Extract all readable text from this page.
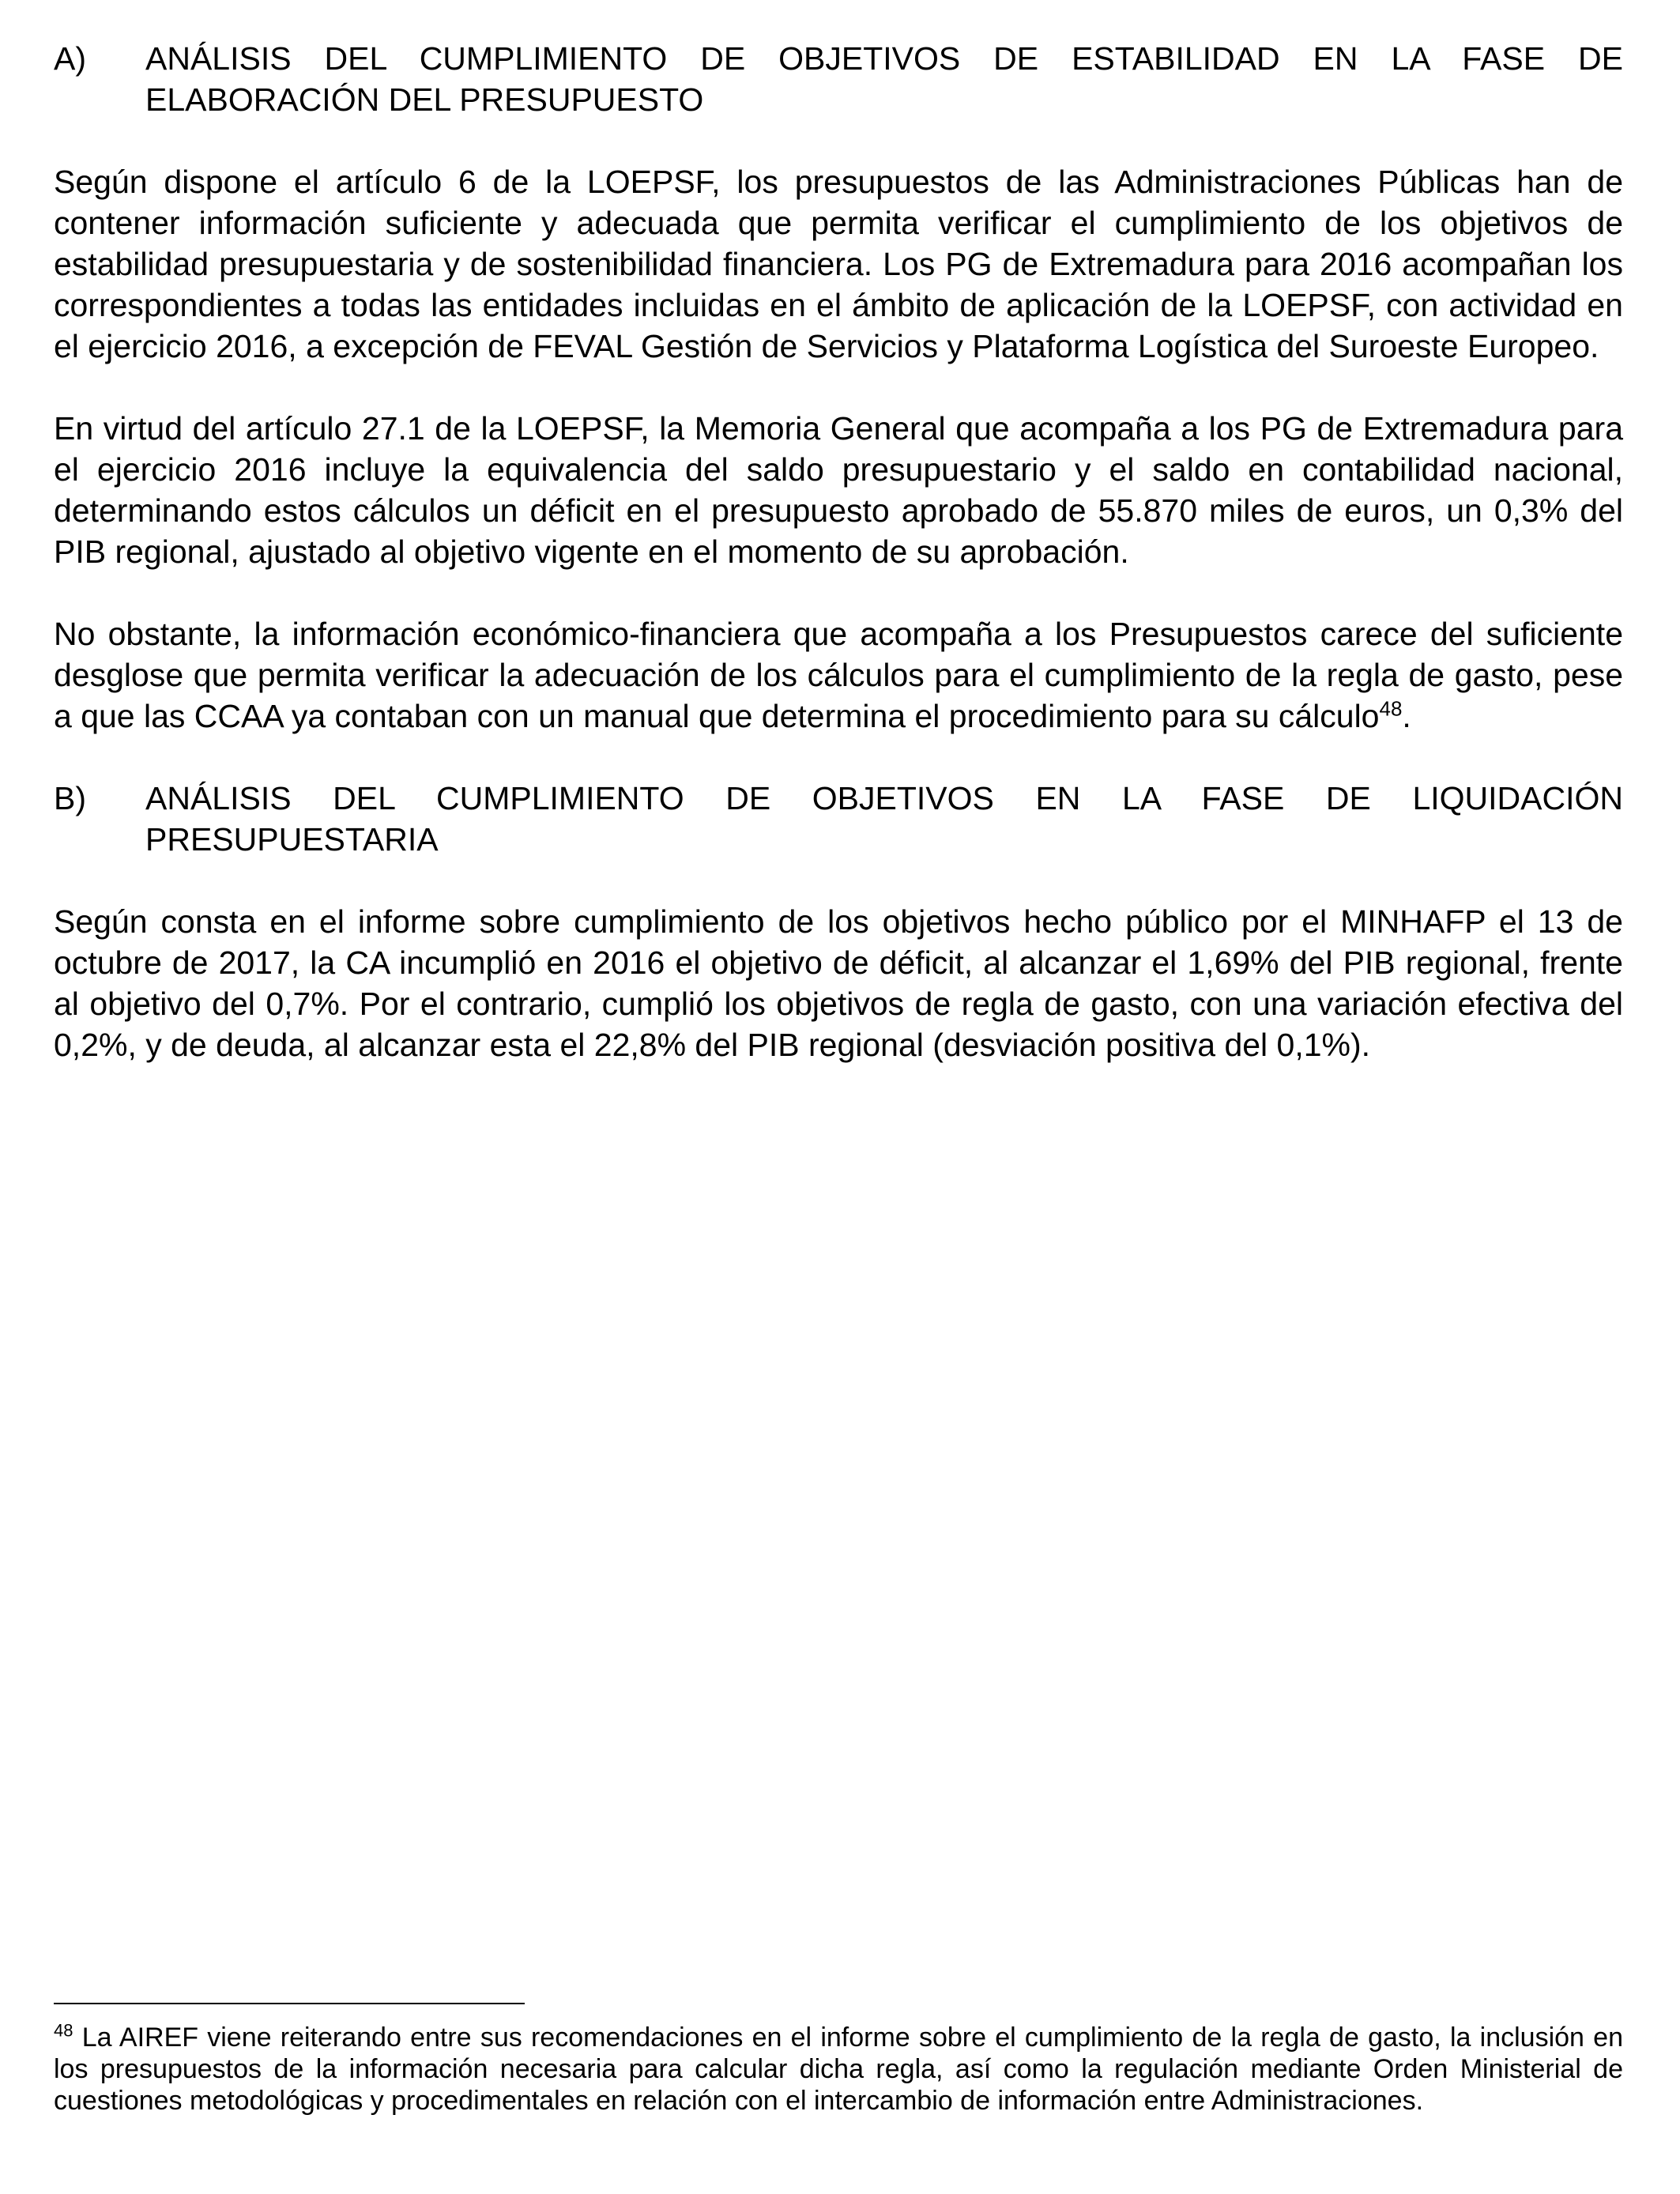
A)	ANÁLISIS DEL CUMPLIMIENTO DE OBJETIVOS DE ESTABILIDAD EN LA FASE DE ELABORACIÓN DEL PRESUPUESTO

Según dispone el artículo 6 de la LOEPSF, los presupuestos de las Administraciones Públicas han de contener información suficiente y adecuada que permita verificar el cumplimiento de los objetivos de estabilidad presupuestaria y de sostenibilidad financiera. Los PG de Extremadura para 2016 acompañan los correspondientes a todas las entidades incluidas en el ámbito de aplicación de la LOEPSF, con actividad en el ejercicio 2016, a excepción de FEVAL Gestión de Servicios y Plataforma Logística del Suroeste Europeo.

En virtud del artículo 27.1 de la LOEPSF, la Memoria General que acompaña a los PG de Extremadura para el ejercicio 2016 incluye la equivalencia del saldo presupuestario y el saldo en contabilidad nacional, determinando estos cálculos un déficit en el presupuesto aprobado de 55.870 miles de euros, un 0,3% del PIB regional, ajustado al objetivo vigente en el momento de su aprobación.

No obstante, la información económico-financiera que acompaña a los Presupuestos carece del suficiente desglose que permita verificar la adecuación de los cálculos para el cumplimiento de la regla de gasto, pese a que las CCAA ya contaban con un manual que determina el procedimiento para su cálculo$^{48}$.

B)	ANÁLISIS DEL CUMPLIMIENTO DE OBJETIVOS EN LA FASE DE LIQUIDACIÓN PRESUPUESTARIA

Según consta en el informe sobre cumplimiento de los objetivos hecho público por el MINHAFP el 13 de octubre de 2017, la CA incumplió en 2016 el objetivo de déficit, al alcanzar el 1,69% del PIB regional, frente al objetivo del 0,7%. Por el contrario, cumplió los objetivos de regla de gasto, con una variación efectiva del 0,2%, y de deuda, al alcanzar esta el 22,8% del PIB regional (desviación positiva del 0,1%).

$^{48}$ La AIREF viene reiterando entre sus recomendaciones en el informe sobre el cumplimiento de la regla de gasto, la inclusión en los presupuestos de la información necesaria para calcular dicha regla, así como la regulación mediante Orden Ministerial de cuestiones metodológicas y procedimentales en relación con el intercambio de información entre Administraciones.
